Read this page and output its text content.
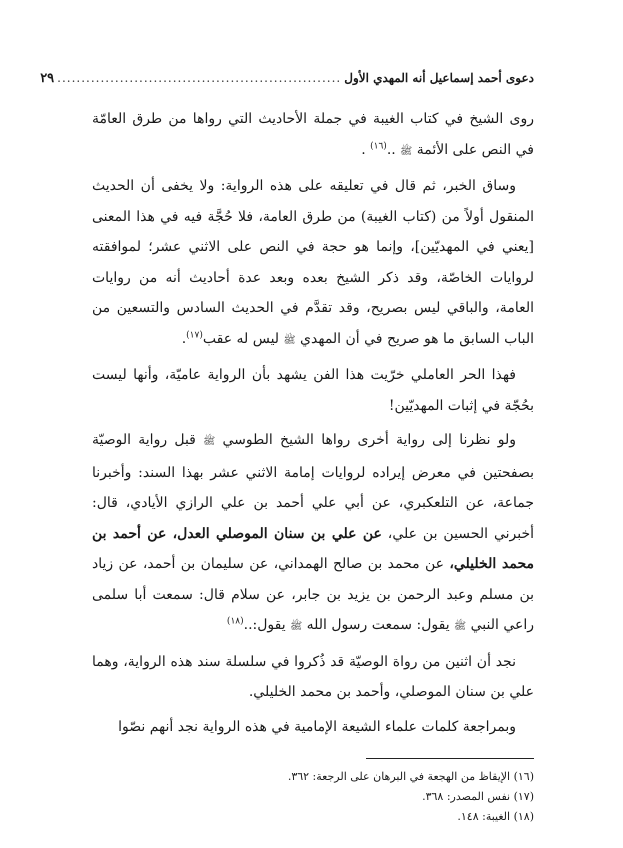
دعوى أحمد إسماعيل أنه المهدي الأول
...........................................................
٢٩

روى الشيخ في كتاب الغيبة في جملة الأحاديث التي رواها من طرق العامّة في النص على الأئمة ﷺ ..$^{(١٦)}$ .

وساق الخبر، ثم قال في تعليقه على هذه الرواية: ولا يخفى أن الحديث المنقول أولاً من (كتاب الغيبة) من طرق العامة، فلا حُجَّة فيه في هذا المعنى [يعني في المهديّين]، وإنما هو حجة في النص على الاثني عشر؛ لموافقته لروايات الخاصّة، وقد ذكر الشيخ بعده وبعد عدة أحاديث أنه من روايات العامة، والباقي ليس بصريح، وقد تقدَّم في الحديث السادس والتسعين من الباب السابق ما هو صريح في أن المهدي ﷺ ليس له عقب$^{(١٧)}$.

فهذا الحر العاملي خرّيت هذا الفن يشهد بأن الرواية عاميّة، وأنها ليست بحُجّة في إثبات المهديّين!

ولو نظرنا إلى رواية أخرى رواها الشيخ الطوسي ﷺ قبل رواية الوصيّة بصفحتين في معرض إيراده لروايات إمامة الاثني عشر بهذا السند: وأخبرنا جماعة، عن التلعكبري، عن أبي علي أحمد بن علي الرازي الأيادي، قال: أخبرني الحسين بن علي، عن علي بن سنان الموصلي العدل، عن أحمد بن محمد الخليلي، عن محمد بن صالح الهمداني، عن سليمان بن أحمد، عن زياد بن مسلم وعبد الرحمن بن يزيد بن جابر، عن سلام قال: سمعت أبا سلمى راعي النبي ﷺ يقول: سمعت رسول الله ﷺ يقول:..$^{(١٨)}$

نجد أن اثنين من رواة الوصيّة قد ذُكروا في سلسلة سند هذه الرواية، وهما علي بن سنان الموصلي، وأحمد بن محمد الخليلي.

وبمراجعة كلمات علماء الشيعة الإمامية في هذه الرواية نجد أنهم نصّوا

(١٦) الإيقاظ من الهجعة في البرهان على الرجعة: ٣٦٢.
(١٧) نفس المصدر: ٣٦٨.
(١٨) الغيبة: ١٤٨.
